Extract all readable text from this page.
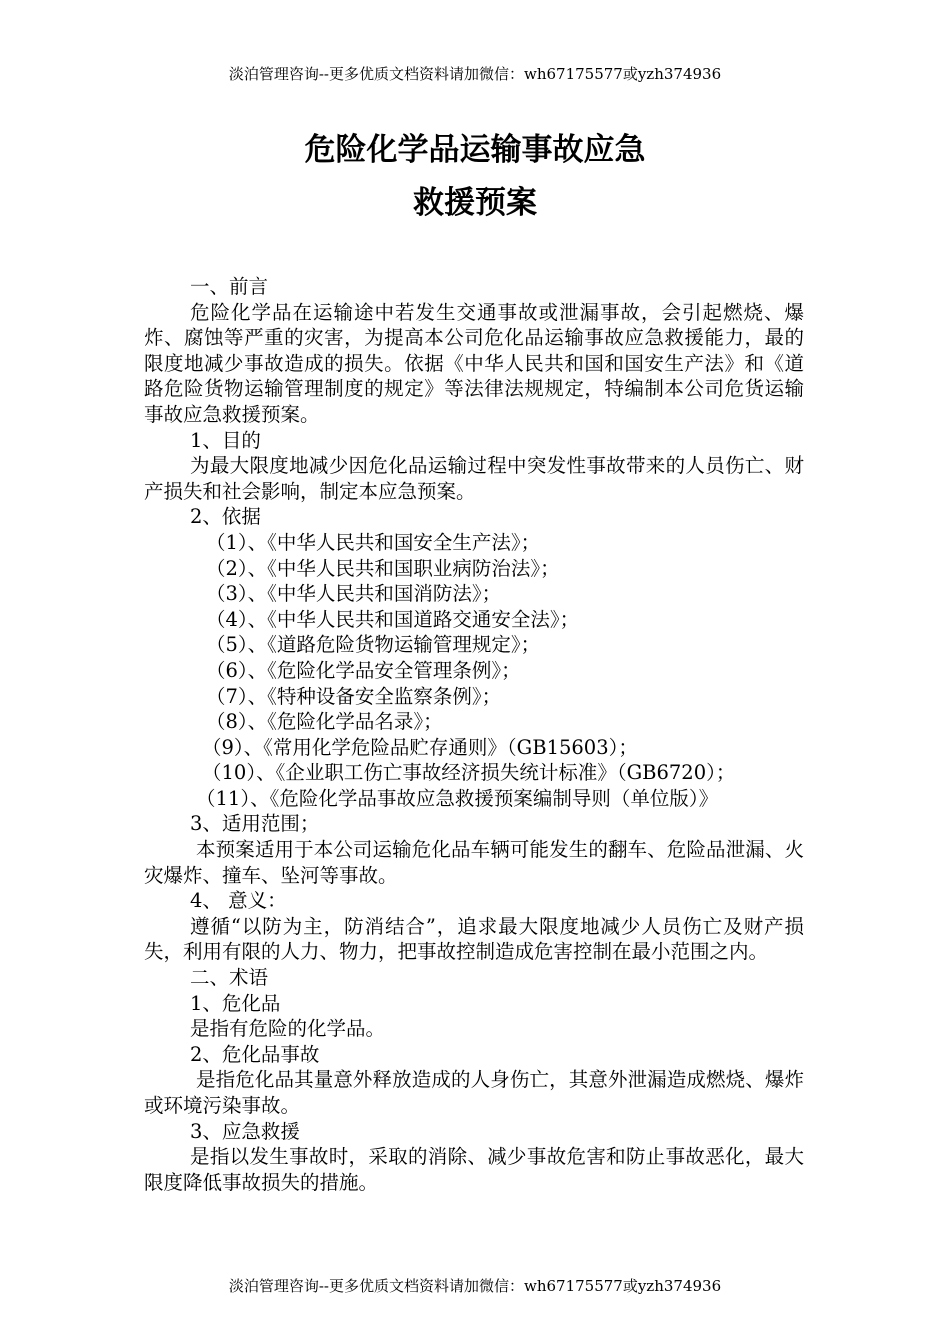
淡泊管理咨询--更多优质文档资料请加微信：wh67175577或yzh374936
危险化学品运输事故应急
救援预案

一、前言

危险化学品在运输途中若发生交通事故或泄漏事故，会引起燃烧、爆炸、腐蚀等严重的灾害，为提高本公司危化品运输事故应急救援能力，最的限度地减少事故造成的损失。依据《中华人民共和国和国安生产法》和《道路危险货物运输管理制度的规定》等法律法规规定，特编制本公司危货运输事故应急救援预案。

1、目的

为最大限度地减少因危化品运输过程中突发性事故带来的人员伤亡、财产损失和社会影响，制定本应急预案。

2、依据

（1）、《中华人民共和国安全生产法》；

（2）、《中华人民共和国职业病防治法》；

（3）、《中华人民共和国消防法》；

（4）、《中华人民共和国道路交通安全法》；

（5）、《道路危险货物运输管理规定》；

（6）、《危险化学品安全管理条例》；

（7）、《特种设备安全监察条例》；

（8）、《危险化学品名录》；

（9）、《常用化学危险品贮存通则》（GB15603）；

（10）、《企业职工伤亡事故经济损失统计标准》（GB6720）；

（11）、《危险化学品事故应急救援预案编制导则（单位版）》

3、适用范围；

本预案适用于本公司运输危化品车辆可能发生的翻车、危险品泄漏、火灾爆炸、撞车、坠河等事故。

4、 意义：

遵循“以防为主，防消结合”，追求最大限度地减少人员伤亡及财产损失，利用有限的人力、物力，把事故控制造成危害控制在最小范围之内。

二、术语

1、危化品

是指有危险的化学品。

2、危化品事故

是指危化品其量意外释放造成的人身伤亡，其意外泄漏造成燃烧、爆炸或环境污染事故。

3、应急救援

是指以发生事故时，采取的消除、减少事故危害和防止事故恶化，最大限度降低事故损失的措施。

淡泊管理咨询--更多优质文档资料请加微信：wh67175577或yzh374936
